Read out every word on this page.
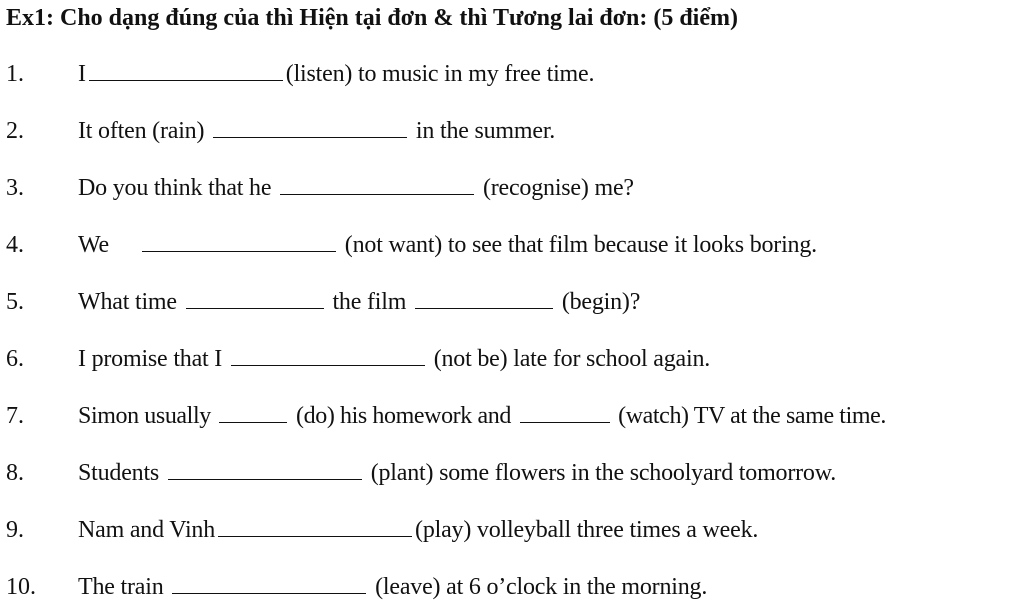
Ex1: Cho dạng đúng của thì Hiện tại đơn & thì Tương lai đơn: (5 điểm)
1. I	(listen) to music in my free time.
2. It often (rain)	in the summer.
3. Do you think that he	(recognise) me?
4. We	(not want) to see that film because it looks boring.
5. What time	the film	(begin)?
6. I promise that I	(not be) late for school again.
7. Simon usually	(do) his homework and	(watch) TV at the same time.
8. Students	(plant) some flowers in the schoolyard tomorrow.
9. Nam and Vinh	(play) volleyball three times a week.
10. The train	(leave) at 6 o’clock in the morning.
